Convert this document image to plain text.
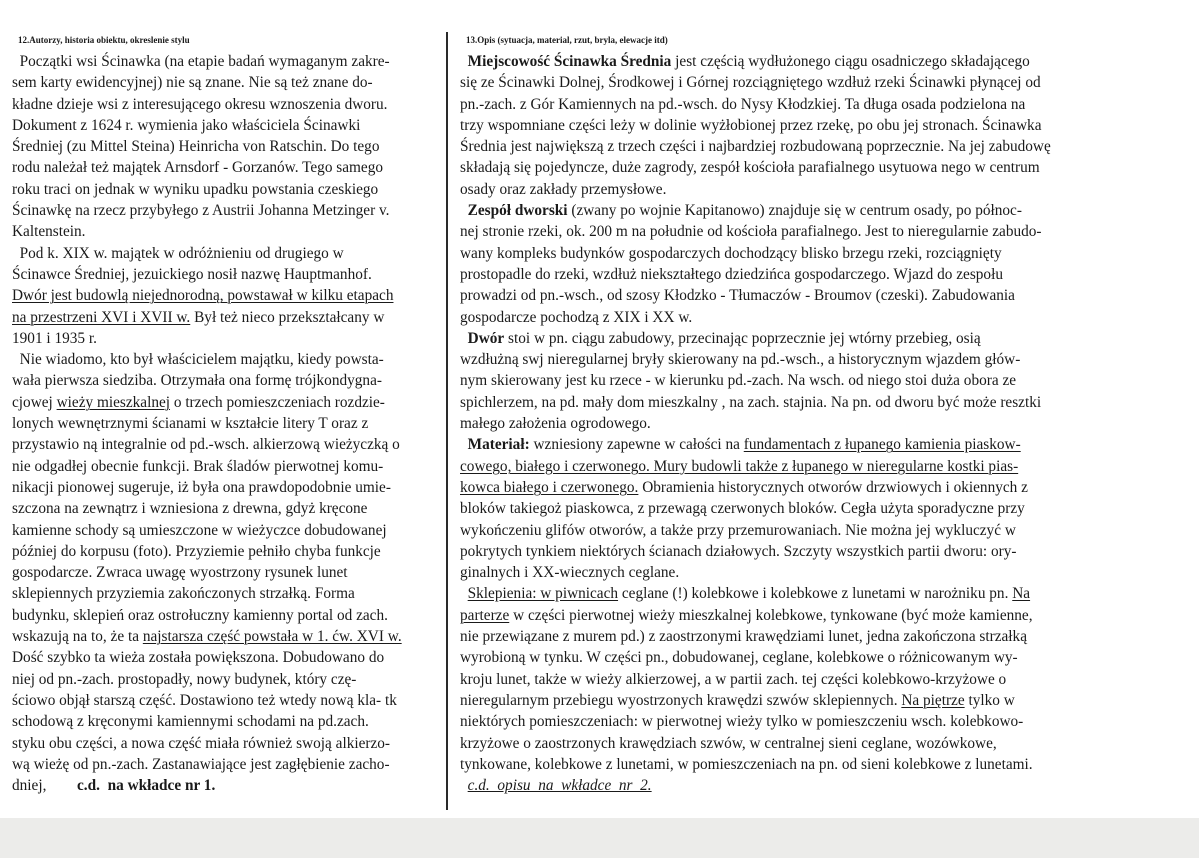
12.Autorzy, historia obiektu, okreslenie stylu
Początki wsi Ścinawka (na etapie badań wymaganym zakre-
sem karty ewidencyjnej) nie są znane. Nie są też znane do-
kładne dzieje wsi z interesującego okresu wznoszenia dworu.
Dokument z 1624 r. wymienia jako właściciela Ścinawki
Średniej (zu Mittel Steina) Heinricha von Ratschin. Do tego
rodu należał też majątek Arnsdorf - Gorzanów. Tego samego
roku traci on jednak w wyniku upadku powstania czeskiego
Ścinawkę na rzecz przybyłego z Austrii Johanna Metzinger v.
Kaltenstein.
Pod k. XIX w. majątek w odróżnieniu od drugiego w
Ścinawce Średniej, jezuickiego nosił nazwę Hauptmanhof.
Dwór jest budowlą niejednorodną, powstawał w kilku etapach
na przestrzeni XVI i XVII w. Był też nieco przekształcany w
1901 i 1935 r.
Nie wiadomo, kto był właścicielem majątku, kiedy powsta-
wała pierwsza siedziba. Otrzymała ona formę trójkondygna-
cjowej wieży mieszkalnej o trzech pomieszczeniach rozdzie-
lonych wewnętrznymi ścianami w kształcie litery T oraz z
przystawio ną integralnie od pd.-wsch. alkierzową wieżyczką o
nie odgadłej obecnie funkcji. Brak śladów pierwotnej komu-
nikacji pionowej sugeruje, iż była ona prawdopodobnie umie-
szczona na zewnątrz i wzniesiona z drewna, gdyż kręcone
kamienne schody są umieszczone w wieżyczce dobudowanej
później do korpusu (foto). Przyziemie pełniło chyba funkcje
gospodarcze. Zwraca uwagę wyostrzony rysunek lunet
sklepiennych przyziemia zakończonych strzałką. Forma
budynku, sklepień oraz ostrołuczny kamienny portal od zach.
wskazują na to, że ta najstarsza część powstała w 1. ćw. XVI w.
Dość szybko ta wieża została powiększona. Dobudowano do
niej od pn.-zach. prostopadły, nowy budynek, który czę-
ściowo objął starszą część. Dostawiono też wtedy nową kla- tk
schodową z kręconymi kamiennymi schodami na pd.zach.
styku obu części, a nowa część miała również swoją alkierzo-
wą wieżę od pn.-zach. Zastanawiające jest zagłębienie zacho-
dniej,        c.d.  na wkładce nr 1.
13.Opis (sytuacja, material, rzut, bryla, elewacje itd)
Miejscowość Ścinawka Średnia jest częścią wydłużonego ciągu osadniczego składającego
się ze Ścinawki Dolnej, Środkowej i Górnej rozciągniętego wzdłuż rzeki Ścinawki płynącej od
pn.-zach. z Gór Kamiennych na pd.-wsch. do Nysy Kłodzkiej. Ta długa osada podzielona na
trzy wspomniane części leży w dolinie wyżłobionej przez rzekę, po obu jej stronach. Ścinawka
Średnia jest największą z trzech części i najbardziej rozbudowaną poprzecznie. Na jej zabudowę
składają się pojedyncze, duże zagrody, zespół kościoła parafialnego usytuowa nego w centrum
osady oraz zakłady przemysłowe.
Zespół dworski (zwany po wojnie Kapitanowo) znajduje się w centrum osady, po północ-
nej stronie rzeki, ok. 200 m na południe od kościoła parafialnego. Jest to nieregularnie zabudo-
wany kompleks budynków gospodarczych dochodzący blisko brzegu rzeki, rozciągnięty
prostopadle do rzeki, wzdłuż niekształtego dziedzińca gospodarczego. Wjazd do zespołu
prowadzi od pn.-wsch., od szosy Kłodzko - Tłumaczów - Broumov (czeski). Zabudowania
gospodarcze pochodzą z XIX i XX w.
Dwór stoi w pn. ciągu zabudowy, przecinając poprzecznie jej wtórny przebieg, osią
wzdłużną swj nieregularnej bryły skierowany na pd.-wsch., a historycznym wjazdem głów-
nym skierowany jest ku rzece - w kierunku pd.-zach. Na wsch. od niego stoi duża obora ze
spichlerzem, na pd. mały dom mieszkalny , na zach. stajnia. Na pn. od dworu być może resztki
małego założenia ogrodowego.
Materiał: wzniesiony zapewne w całości na fundamentach z łupanego kamienia piaskow-
cowego, białego i czerwonego. Mury budowli także z łupanego w nieregularne kostki pias-
kowca białego i czerwonego. Obramienia historycznych otworów drzwiowych i okiennych z
bloków takiegoż piaskowca, z przewagą czerwonych bloków. Cegła użyta sporadyczne przy
wykończeniu glifów otworów, a także przy przemurowaniach. Nie można jej wykluczyć w
pokrytych tynkiem niektórych ścianach działowych. Szczyty wszystkich partii dworu: ory-
ginalnych i XX-wiecznych ceglane.
Sklepienia: w piwnicach ceglane (!) kolebkowe i kolebkowe z lunetami w narożniku pn. Na
parterze w części pierwotnej wieży mieszkalnej kolebkowe, tynkowane (być może kamienne,
nie przewiązane z murem pd.) z zaostrzonymi krawędziami lunet, jedna zakończona strzałką
wyrobioną w tynku. W części pn., dobudowanej, ceglane, kolebkowe o różnicowanym wy-
kroju lunet, także w wieży alkierzowej, a w partii zach. tej części kolebkowo-krzyżowe o
nieregularnym przebiegu wyostrzonych krawędzi szwów sklepiennych. Na piętrze tylko w
niektórych pomieszczeniach: w pierwotnej wieży tylko w pomieszczeniu wsch. kolebkowo-
krzyżowe o zaostrzonych krawędziach szwów, w centralnej sieni ceglane, wozówkowe,
tynkowane, kolebkowe z lunetami, w pomieszczeniach na pn. od sieni kolebkowe z lunetami.
c.d.  opisu  na  wkładce  nr  2.
